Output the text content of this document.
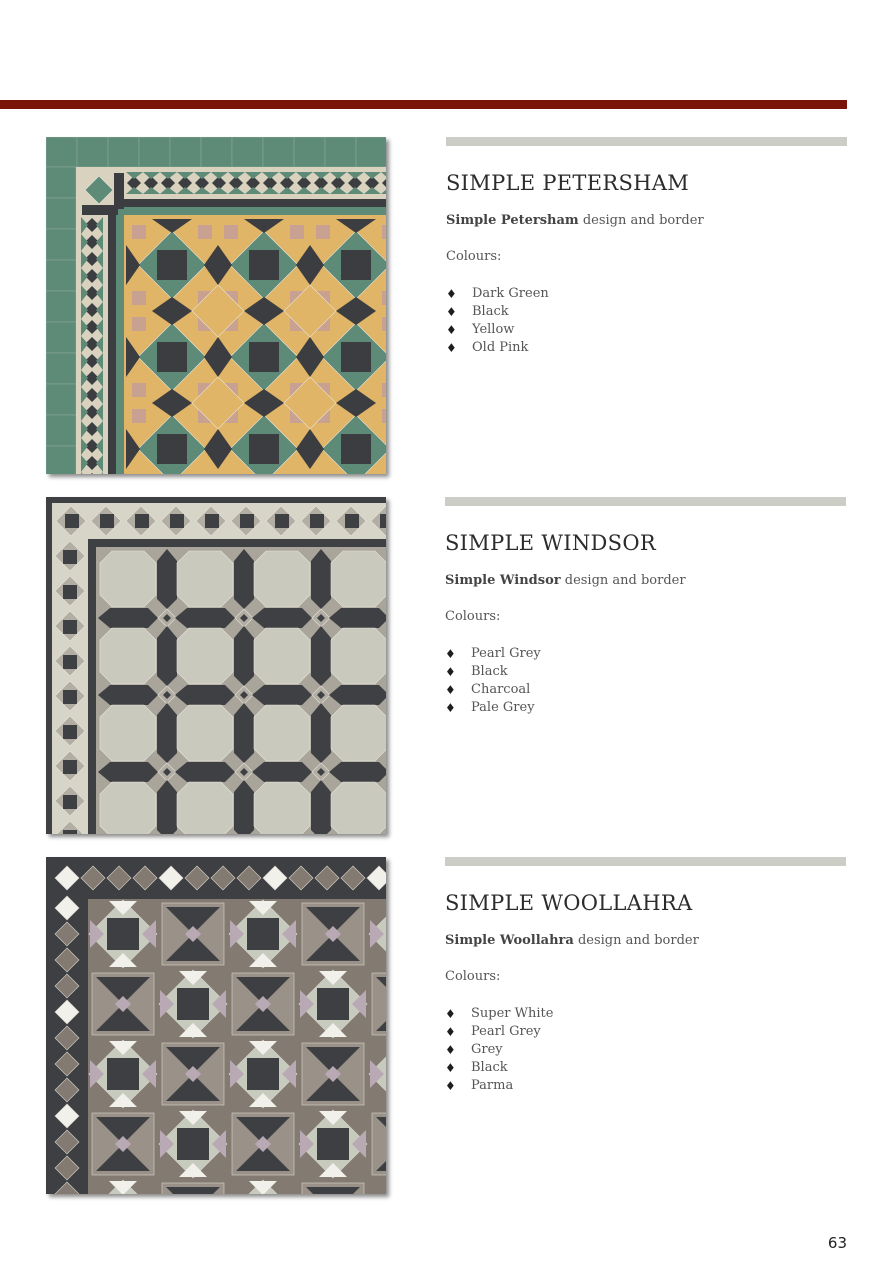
SIMPLE PETERSHAM
Simple Petersham design and border
Colours:
♦ Dark Green
♦ Black
♦ Yellow
♦ Old Pink
SIMPLE WINDSOR
Simple Windsor design and border
Colours:
♦ Pearl Grey
♦ Black
♦ Charcoal
♦ Pale Grey
SIMPLE WOOLLAHRA
Simple Woollahra design and border
Colours:
♦ Super White
♦ Pearl Grey
♦ Grey
♦ Black
♦ Parma
63
